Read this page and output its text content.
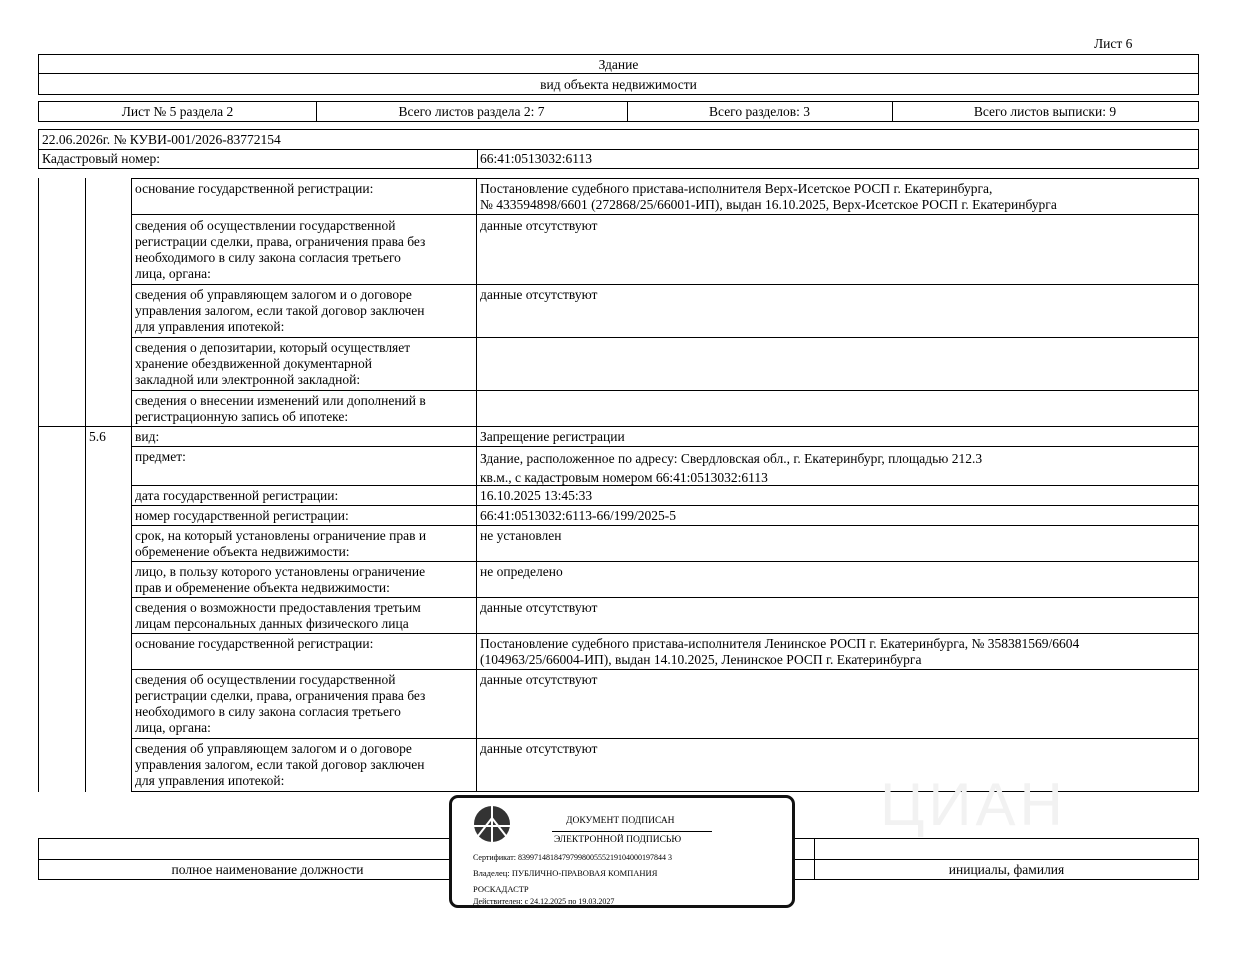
Лист 6
Здание
вид объекта недвижимости
Лист № 5 раздела 2	Всего листов раздела 2: 7	Всего разделов: 3	Всего листов выписки: 9
22.06.2026г. № КУВИ-001/2026-83772154
Кадастровый номер:	66:41:0513032:6113
основание государственной регистрации:	Постановление судебного пристава-исполнителя Верх-Исетское РОСП г. Екатеринбурга,
№ 433594898/6601 (272868/25/66001-ИП), выдан 16.10.2025, Верх-Исетское РОСП г. Екатеринбурга
сведения об осуществлении государственной
регистрации сделки, права, ограничения права без
необходимого в силу закона согласия третьего
лица, органа:
данные отсутствуют
сведения об управляющем залогом и о договоре
управления залогом, если такой договор заключен
для управления ипотекой:
данные отсутствуют
сведения о депозитарии, который осуществляет
хранение обездвиженной документарной
закладной или электронной закладной:
сведения о внесении изменений или дополнений в
регистрационную запись об ипотеке:
5.6	вид:	Запрещение регистрации
предмет:	Здание, расположенное по адресу: Свердловская обл., г. Екатеринбург, площадью 212.3
кв.м., с кадастровым номером 66:41:0513032:6113
дата государственной регистрации:	16.10.2025 13:45:33
номер государственной регистрации:	66:41:0513032:6113-66/199/2025-5
срок, на который установлены ограничение прав и
обременение объекта недвижимости:
не установлен
лицо, в пользу которого установлены ограничение
прав и обременение объекта недвижимости:
не определено
сведения о возможности предоставления третьим
лицам персональных данных физического лица
данные отсутствуют
основание государственной регистрации:	Постановление судебного пристава-исполнителя Ленинское РОСП г. Екатеринбурга, № 358381569/6604
(104963/25/66004-ИП), выдан 14.10.2025, Ленинское РОСП г. Екатеринбурга
сведения об осуществлении государственной
регистрации сделки, права, ограничения права без
необходимого в силу закона согласия третьего
лица, органа:
данные отсутствуют
сведения об управляющем залогом и о договоре
управления залогом, если такой договор заключен
для управления ипотекой:
данные отсутствуют
ЦИАН
полное наименование должности	инициалы, фамилия
ДОКУМЕНТ ПОДПИСАН
ЭЛЕКТРОННОЙ ПОДПИСЬЮ
Сертификат: 8399714818479799800555219104000197844 3
Владелец: ПУБЛИЧНО-ПРАВОВАЯ КОМПАНИЯ
РОСКАДАСТР
Действителен: с 24.12.2025 по 19.03.2027
